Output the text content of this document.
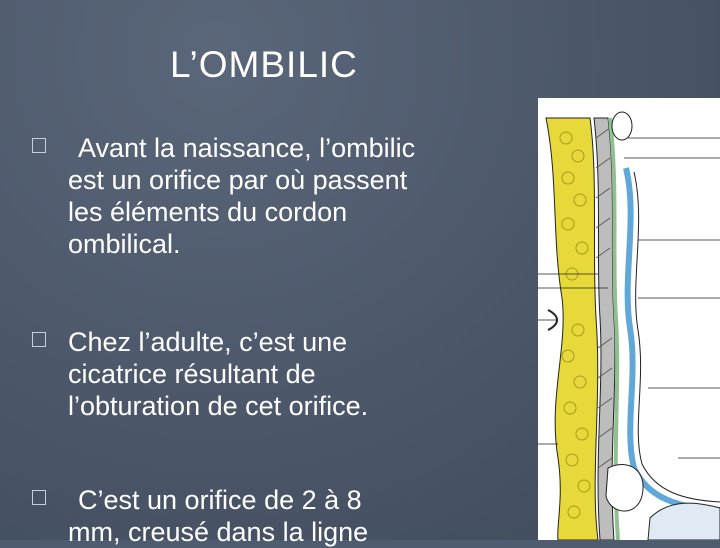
L’OMBILIC
Avant la naissance, l’ombilic
est un orifice par où passent
les éléments du cordon
ombilical.
Chez l’adulte, c’est une
cicatrice résultant de
l’obturation de cet orifice.
C’est un orifice de 2 à 8
mm, creusé dans la ligne
